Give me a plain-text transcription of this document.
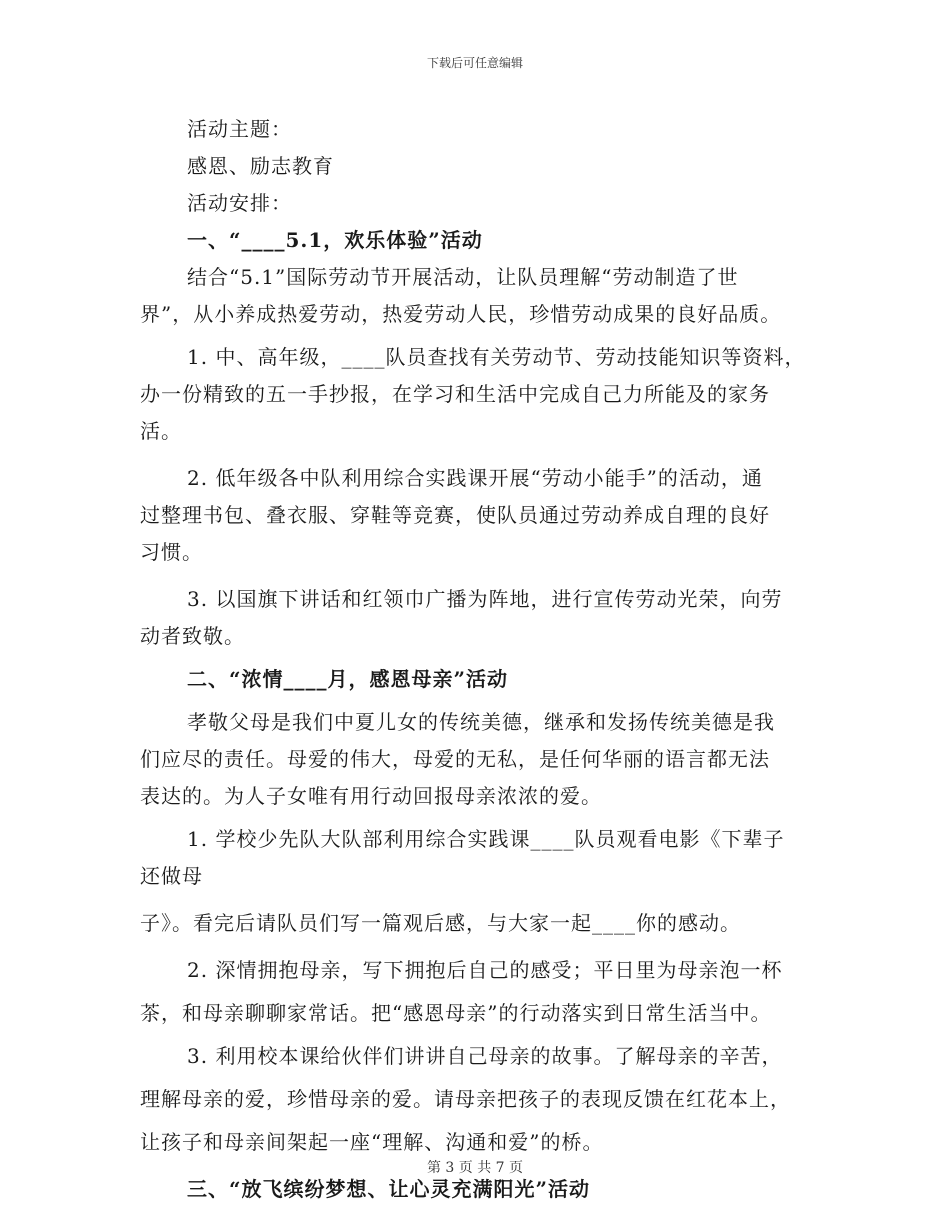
下载后可任意编辑
活动主题：
感恩、励志教育
活动安排：
一、“____5.1，欢乐体验”活动
结合“5.1”国际劳动节开展活动，让队员理解“劳动制造了世
界”，从小养成热爱劳动，热爱劳动人民，珍惜劳动成果的良好品质。
1. 中、高年级，____队员查找有关劳动节、劳动技能知识等资料，
办一份精致的五一手抄报，在学习和生活中完成自己力所能及的家务
活。
2. 低年级各中队利用综合实践课开展“劳动小能手”的活动，通
过整理书包、叠衣服、穿鞋等竞赛，使队员通过劳动养成自理的良好
习惯。
3. 以国旗下讲话和红领巾广播为阵地，进行宣传劳动光荣，向劳
动者致敬。
二、“浓情____月，感恩母亲”活动
孝敬父母是我们中夏儿女的传统美德，继承和发扬传统美德是我
们应尽的责任。母爱的伟大，母爱的无私，是任何华丽的语言都无法
表达的。为人子女唯有用行动回报母亲浓浓的爱。
1. 学校少先队大队部利用综合实践课____队员观看电影《下辈子
还做母
子》。看完后请队员们写一篇观后感，与大家一起____你的感动。
2. 深情拥抱母亲，写下拥抱后自己的感受；平日里为母亲泡一杯
茶，和母亲聊聊家常话。把“感恩母亲”的行动落实到日常生活当中。
3. 利用校本课给伙伴们讲讲自己母亲的故事。了解母亲的辛苦，
理解母亲的爱，珍惜母亲的爱。请母亲把孩子的表现反馈在红花本上，
让孩子和母亲间架起一座“理解、沟通和爱”的桥。
三、“放飞缤纷梦想、让心灵充满阳光”活动
第 3 页 共 7 页
